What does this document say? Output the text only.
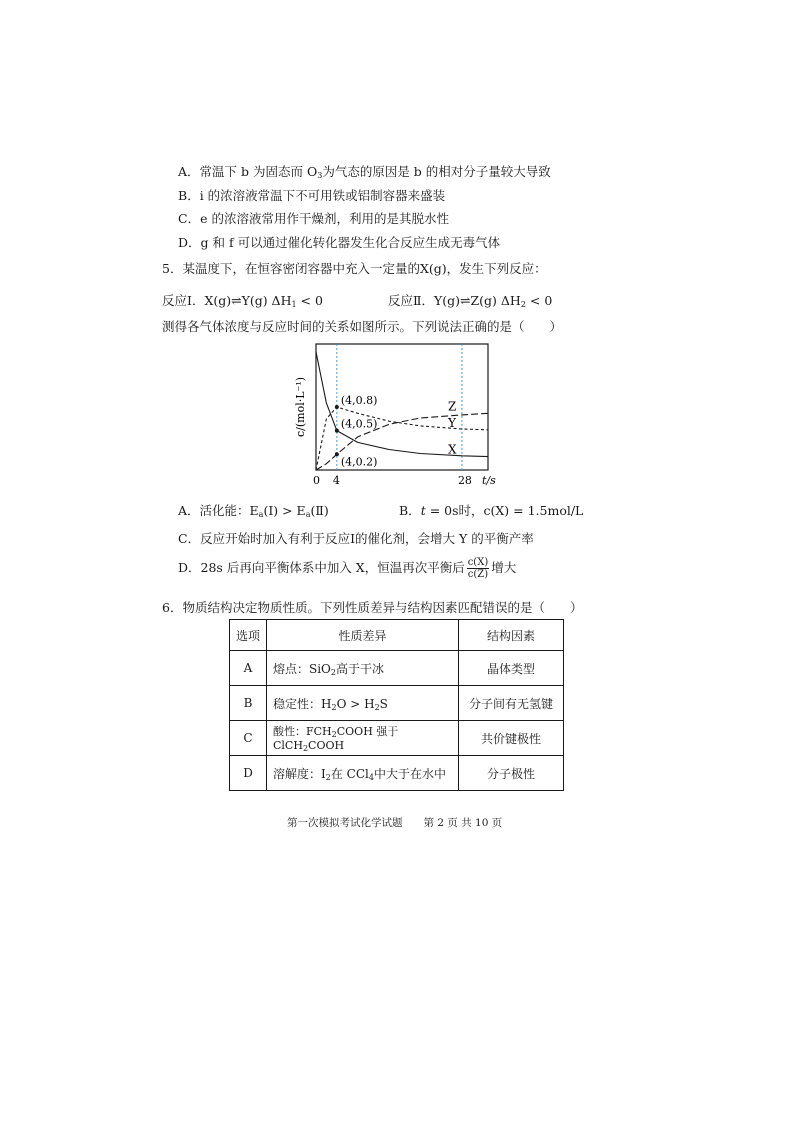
A．常温下 b 为固态而 $O_3$为气态的原因是 b 的相对分子量较大导致
B．i 的浓溶液常温下不可用铁或铝制容器来盛装
C．e 的浓溶液常用作干燥剂，利用的是其脱水性
D．g 和 f 可以通过催化转化器发生化合反应生成无毒气体
5．某温度下，在恒容密闭容器中充入一定量的X(g)，发生下列反应：
反应Ⅰ．X(g)⇌Y(g) $\Delta H_1 < 0$	反应Ⅱ．Y(g)⇌Z(g) $\Delta H_2 < 0$
测得各气体浓度与反应时间的关系如图所示。下列说法正确的是（　　）
X
Y
Z
(4,0.8)
(4,0.5)
(4,0.2)
0 4	28 t/s
c/(mol·L⁻¹)
A．活化能：$E_a(Ⅰ)$ > $E_a(Ⅱ)$	B．t = 0s时，c(X) = 1.5mol/L
C．反应开始时加入有利于反应Ⅰ的催化剂，会增大 Y 的平衡产率
D．28s 后再向平衡体系中加入 X，恒温再次平衡后 $\frac{c(X)}{c(Z)}$ 增大
6．物质结构决定物质性质。下列性质差异与结构因素匹配错误的是（　　）
选项	性质差异	结构因素
A	熔点：SiO$_2$高于干冰	晶体类型
B	稳定性：$H_2O > H_2S$	分子间有无氢键
C	酸性：$FCH_2COOH$ 强于 ClCH$_2$COOH	共价键极性
D	溶解度：$I_2$在 CCl$_4$中大于在水中	分子极性
第一次模拟考试化学试题　　第 2 页 共 10 页
